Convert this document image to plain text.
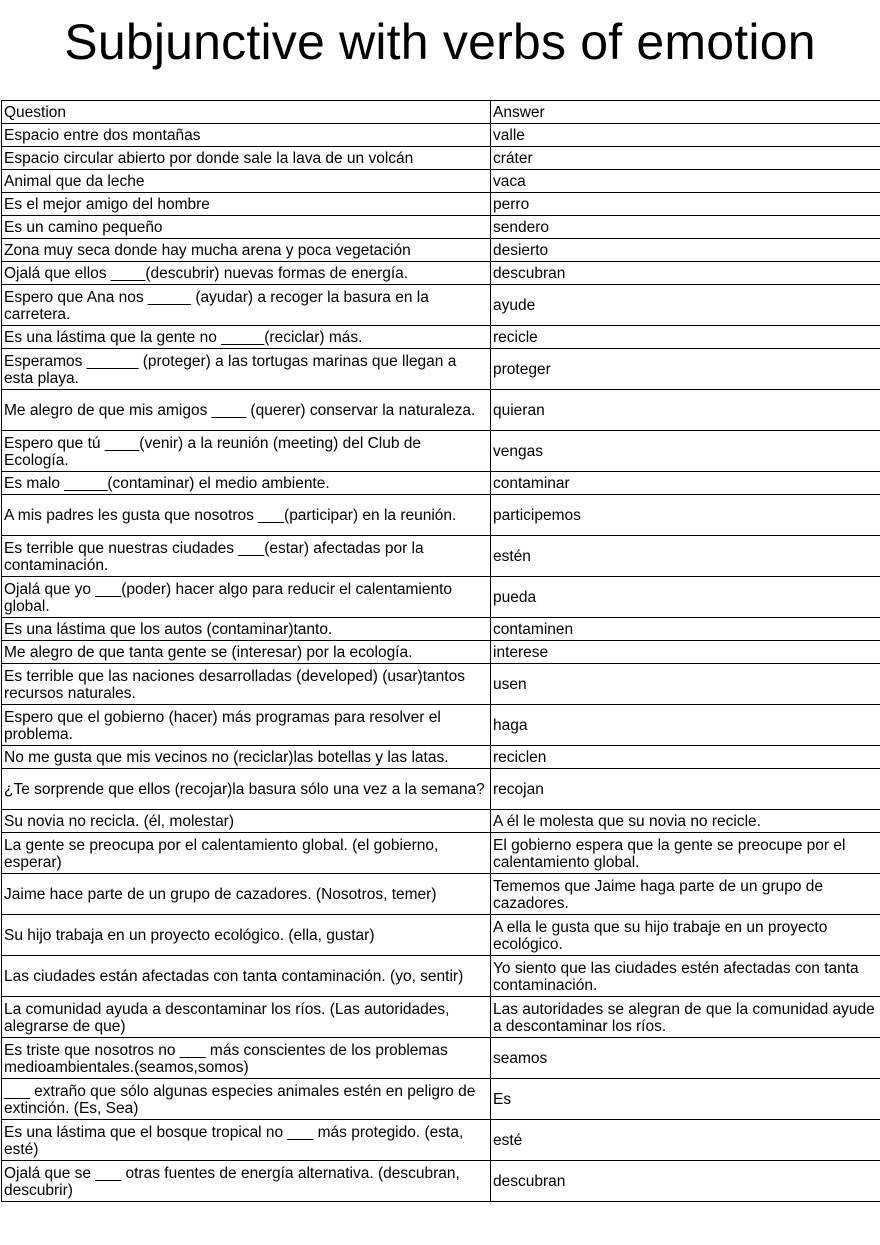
Subjunctive with verbs of emotion
Question	Answer
Espacio entre dos montañas	valle
Espacio circular abierto por donde sale la lava de un volcán	cráter
Animal que da leche	vaca
Es el mejor amigo del hombre	perro
Es un camino pequeño	sendero
Zona muy seca donde hay mucha arena y poca vegetación	desierto
Ojalá que ellos ____(descubrir) nuevas formas de energía.	descubran
Espero que Ana nos _____ (ayudar) a recoger la basura en la carretera.	ayude
Es una lástima que la gente no _____(reciclar) más.	recicle
Esperamos ______ (proteger) a las tortugas marinas que llegan a esta playa.	proteger
Me alegro de que mis amigos ____ (querer) conservar la naturaleza.	quieran
Espero que tú ____(venir) a la reunión (meeting) del Club de Ecología.	vengas
Es malo _____(contaminar) el medio ambiente.	contaminar
A mis padres les gusta que nosotros ___(participar) en la reunión.	participemos
Es terrible que nuestras ciudades ___(estar) afectadas por la contaminación.	estén
Ojalá que yo ___(poder) hacer algo para reducir el calentamiento global.	pueda
Es una lástima que los autos (contaminar)tanto.	contaminen
Me alegro de que tanta gente se (interesar) por la ecología.	interese
Es terrible que las naciones desarrolladas (developed) (usar)tantos recursos naturales.	usen
Espero que el gobierno (hacer) más programas para resolver el problema.	haga
No me gusta que mis vecinos no (reciclar)las botellas y las latas.	reciclen
¿Te sorprende que ellos (recojar)la basura sólo una vez a la semana?	recojan
Su novia no recicla. (él, molestar)	A él le molesta que su novia no recicle.
La gente se preocupa por el calentamiento global. (el gobierno, esperar)	El gobierno espera que la gente se preocupe por el calentamiento global.
Jaime hace parte de un grupo de cazadores. (Nosotros, temer)	Tememos que Jaime haga parte de un grupo de cazadores.
Su hijo trabaja en un proyecto ecológico. (ella, gustar)	A ella le gusta que su hijo trabaje en un proyecto ecológico.
Las ciudades están afectadas con tanta contaminación. (yo, sentir)	Yo siento que las ciudades estén afectadas con tanta contaminación.
La comunidad ayuda a descontaminar los ríos. (Las autoridades, alegrarse de que)	Las autoridades se alegran de que la comunidad ayude a descontaminar los ríos.
Es triste que nosotros no ___ más conscientes de los problemas medioambientales.(seamos,somos)	seamos
___ extraño que sólo algunas especies animales estén en peligro de extinción. (Es, Sea)	Es
Es una lástima que el bosque tropical no ___ más protegido. (esta, esté)	esté
Ojalá que se ___ otras fuentes de energía alternativa. (descubran, descubrir)	descubran
